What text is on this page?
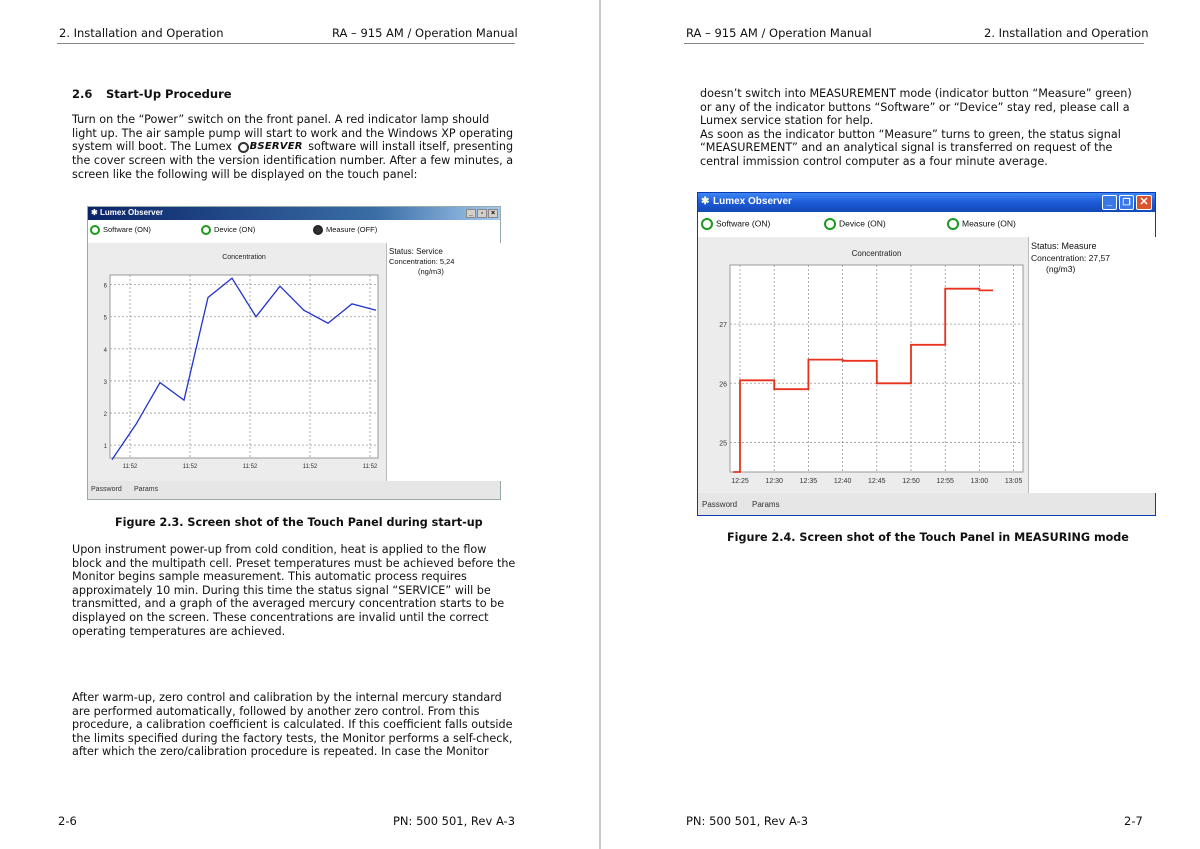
2. Installation and Operation	RA – 915 AM / Operation Manual
2.6 Start-Up Procedure
Turn on the “Power” switch on the front panel. A red indicator lamp should
light up. The air sample pump will start to work and the Windows XP operating
system will boot. The Lumex BSERVER software will install itself, presenting
the cover screen with the version identification number. After a few minutes, a
screen like the following will be displayed on the touch panel:
✱ Lumex Observer	_	▫	×
Software (ON)	Device (ON)	Measure (OFF)
Concentration
1
2
3
4
5
6
11:52	11:52	11:52	11:52	11:52
Status: Service
Concentration: 5,24
(ng/m3)
Password Params
Figure 2.3. Screen shot of the Touch Panel during start-up
Upon instrument power-up from cold condition, heat is applied to the flow
block and the multipath cell. Preset temperatures must be achieved before the
Monitor begins sample measurement. This automatic process requires
approximately 10 min. During this time the status signal “SERVICE” will be
transmitted, and a graph of the averaged mercury concentration starts to be
displayed on the screen. These concentrations are invalid until the correct
operating temperatures are achieved.
After warm-up, zero control and calibration by the internal mercury standard
are performed automatically, followed by another zero control. From this
procedure, a calibration coefficient is calculated. If this coefficient falls outside
the limits specified during the factory tests, the Monitor performs a self-check,
after which the zero/calibration procedure is repeated. In case the Monitor
2-6	PN: 500 501, Rev A-3
RA – 915 AM / Operation Manual	2. Installation and Operation
doesn’t switch into MEASUREMENT mode (indicator button “Measure” green)
or any of the indicator buttons “Software” or “Device” stay red, please call a
Lumex service station for help.
As soon as the indicator button “Measure” turns to green, the status signal
“MEASUREMENT” and an analytical signal is transferred on request of the
central immission control computer as a four minute average.
✱ Lumex Observer	_	❐ ✕
Software (ON)	Device (ON)	Measure (ON)
Concentration
25
26
27
12:25 12:30 12:35 12:40 12:45 12:50 12:55 13:00 13:05
Status: Measure
Concentration: 27,57
(ng/m3)
Password Params
Figure 2.4. Screen shot of the Touch Panel in MEASURING mode
PN: 500 501, Rev A-3	2-7
